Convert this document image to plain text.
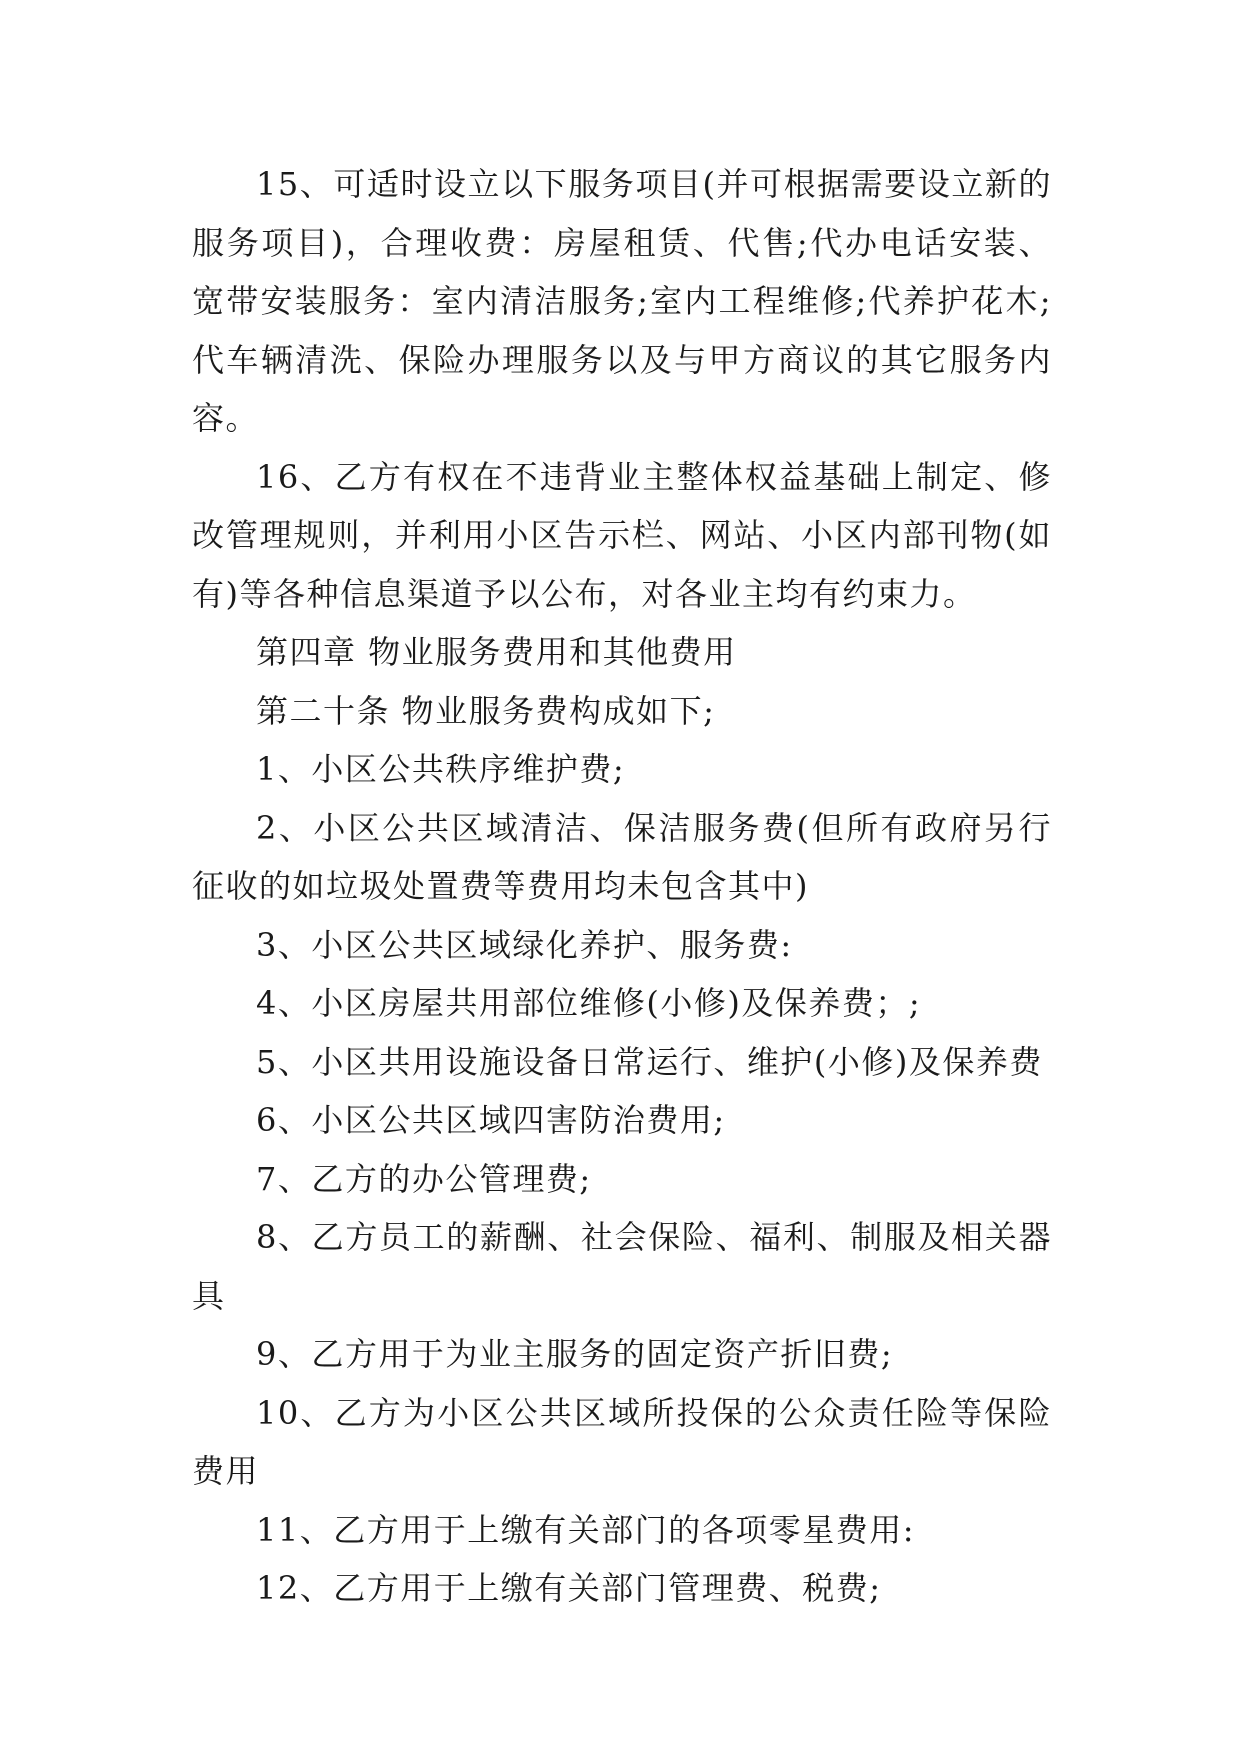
15、可适时设立以下服务项目(并可根据需要设立新的服务项目)，合理收费：房屋租赁、代售;代办电话安装、宽带安装服务：室内清洁服务;室内工程维修;代养护花木;代车辆清洗、保险办理服务以及与甲方商议的其它服务内容。

16、乙方有权在不违背业主整体权益基础上制定、修改管理规则，并利用小区告示栏、网站、小区内部刊物(如有)等各种信息渠道予以公布，对各业主均有约束力。

第四章 物业服务费用和其他费用

第二十条 物业服务费构成如下;

1、小区公共秩序维护费;

2、小区公共区域清洁、保洁服务费(但所有政府另行征收的如垃圾处置费等费用均未包含其中)

3、小区公共区域绿化养护、服务费:

4、小区房屋共用部位维修(小修)及保养费；;

5、小区共用设施设备日常运行、维护(小修)及保养费

6、小区公共区域四害防治费用;

7、乙方的办公管理费;

8、乙方员工的薪酬、社会保险、福利、制服及相关器具

9、乙方用于为业主服务的固定资产折旧费;

10、乙方为小区公共区域所投保的公众责任险等保险费用

11、乙方用于上缴有关部门的各项零星费用:

12、乙方用于上缴有关部门管理费、税费;
